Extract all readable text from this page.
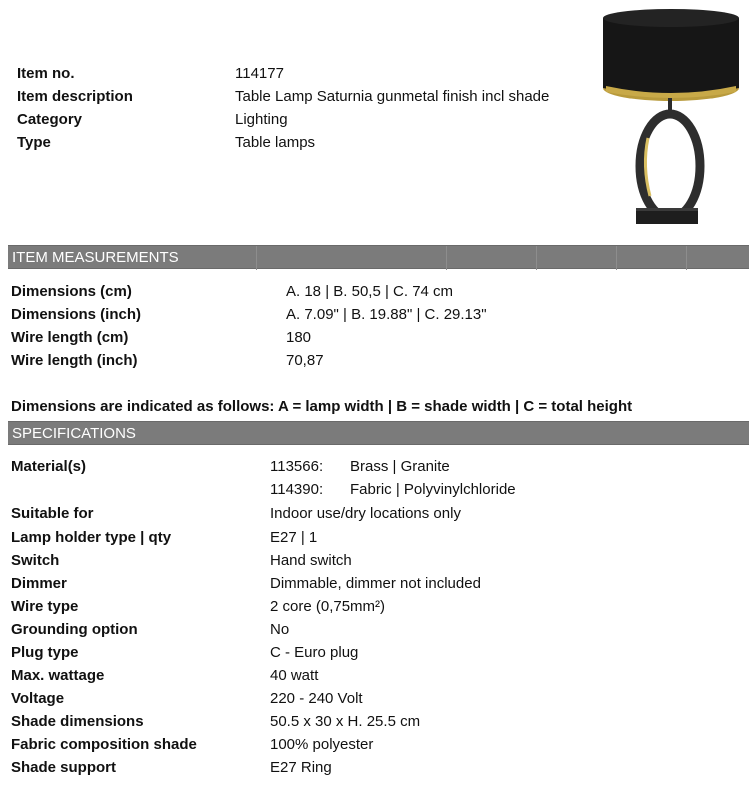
Item no.	114177
Item description	Table Lamp Saturnia gunmetal finish incl shade
Category	Lighting
Type	Table lamps
ITEM MEASUREMENTS
Dimensions (cm)	A. 18 | B. 50,5 | C. 74 cm
Dimensions (inch)	A. 7.09" | B. 19.88" | C. 29.13"
Wire length (cm)	180
Wire length (inch)	70,87
Dimensions are indicated as follows: A = lamp width | B = shade width | C = total height
SPECIFICATIONS
Material(s)	113566: Brass | Granite
114390: Fabric | Polyvinylchloride
Suitable for	Indoor use/dry locations only
Lamp holder type | qty	E27 | 1
Switch	Hand switch
Dimmer	Dimmable, dimmer not included
Wire type	2 core (0,75mm²)
Grounding option	No
Plug type	C - Euro plug
Max. wattage	40 watt
Voltage	220 - 240 Volt
Shade dimensions	50.5 x 30 x H. 25.5 cm
Fabric composition shade	100% polyester
Shade support	E27 Ring
